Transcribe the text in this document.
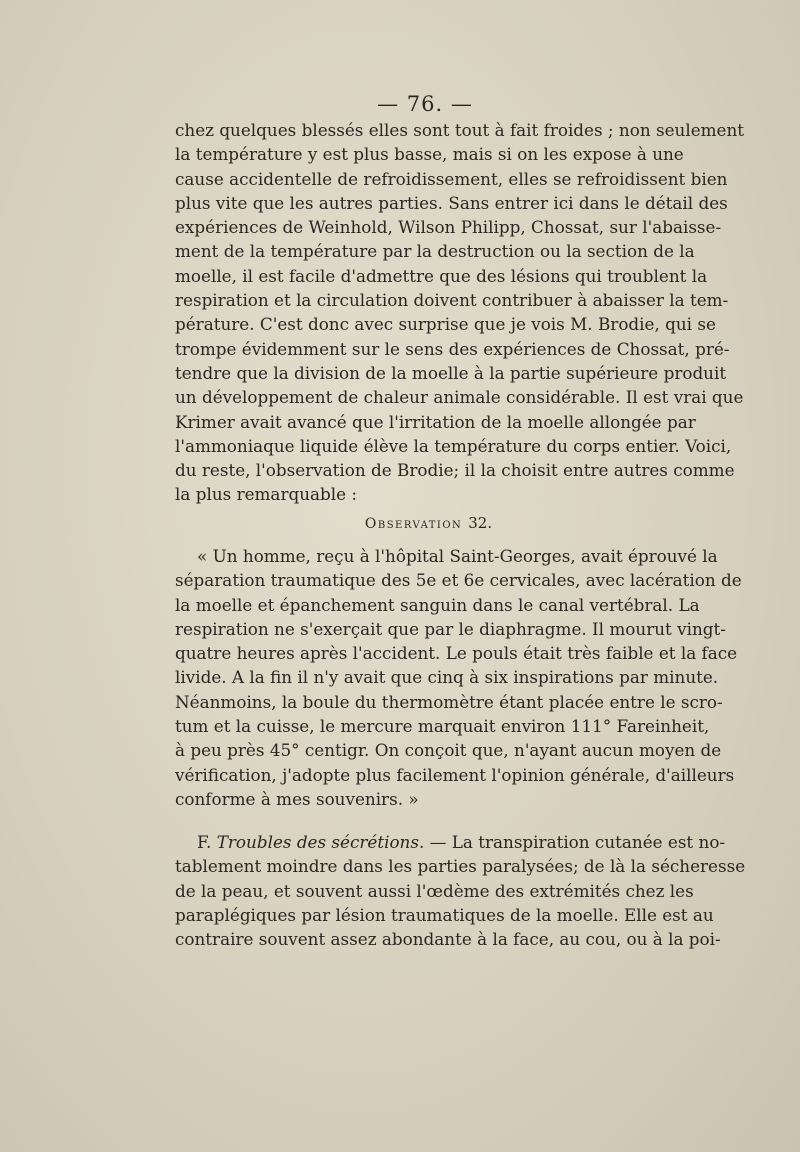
— 76. —
chez quelques blessés elles sont tout à fait froides ; non seulement
la température y est plus basse, mais si on les expose à une
cause accidentelle de refroidissement, elles se refroidissent bien
plus vite que les autres parties. Sans entrer ici dans le détail des
expériences de Weinhold, Wilson Philipp, Chossat, sur l'abaisse-
ment de la température par la destruction ou la section de la
moelle, il est facile d'admettre que des lésions qui troublent la
respiration et la circulation doivent contribuer à abaisser la tem-
pérature. C'est donc avec surprise que je vois M. Brodie, qui se
trompe évidemment sur le sens des expériences de Chossat, pré-
tendre que la division de la moelle à la partie supérieure produit
un développement de chaleur animale considérable. Il est vrai que
Krimer avait avancé que l'irritation de la moelle allongée par
l'ammoniaque liquide élève la température du corps entier. Voici,
du reste, l'observation de Brodie; il la choisit entre autres comme
la plus remarquable :
Observation 32.
« Un homme, reçu à l'hôpital Saint-Georges, avait éprouvé la
séparation traumatique des 5e et 6e cervicales, avec lacération de
la moelle et épanchement sanguin dans le canal vertébral. La
respiration ne s'exerçait que par le diaphragme. Il mourut vingt-
quatre heures après l'accident. Le pouls était très faible et la face
livide. A la fin il n'y avait que cinq à six inspirations par minute.
Néanmoins, la boule du thermomètre étant placée entre le scro-
tum et la cuisse, le mercure marquait environ 111° Fareinheit,
à peu près 45° centigr. On conçoit que, n'ayant aucun moyen de
vérification, j'adopte plus facilement l'opinion générale, d'ailleurs
conforme à mes souvenirs. »
F. Troubles des sécrétions. — La transpiration cutanée est no-
tablement moindre dans les parties paralysées; de là la sécheresse
de la peau, et souvent aussi l'œdème des extrémités chez les
paraplégiques par lésion traumatiques de la moelle. Elle est au
contraire souvent assez abondante à la face, au cou, ou à la poi-
